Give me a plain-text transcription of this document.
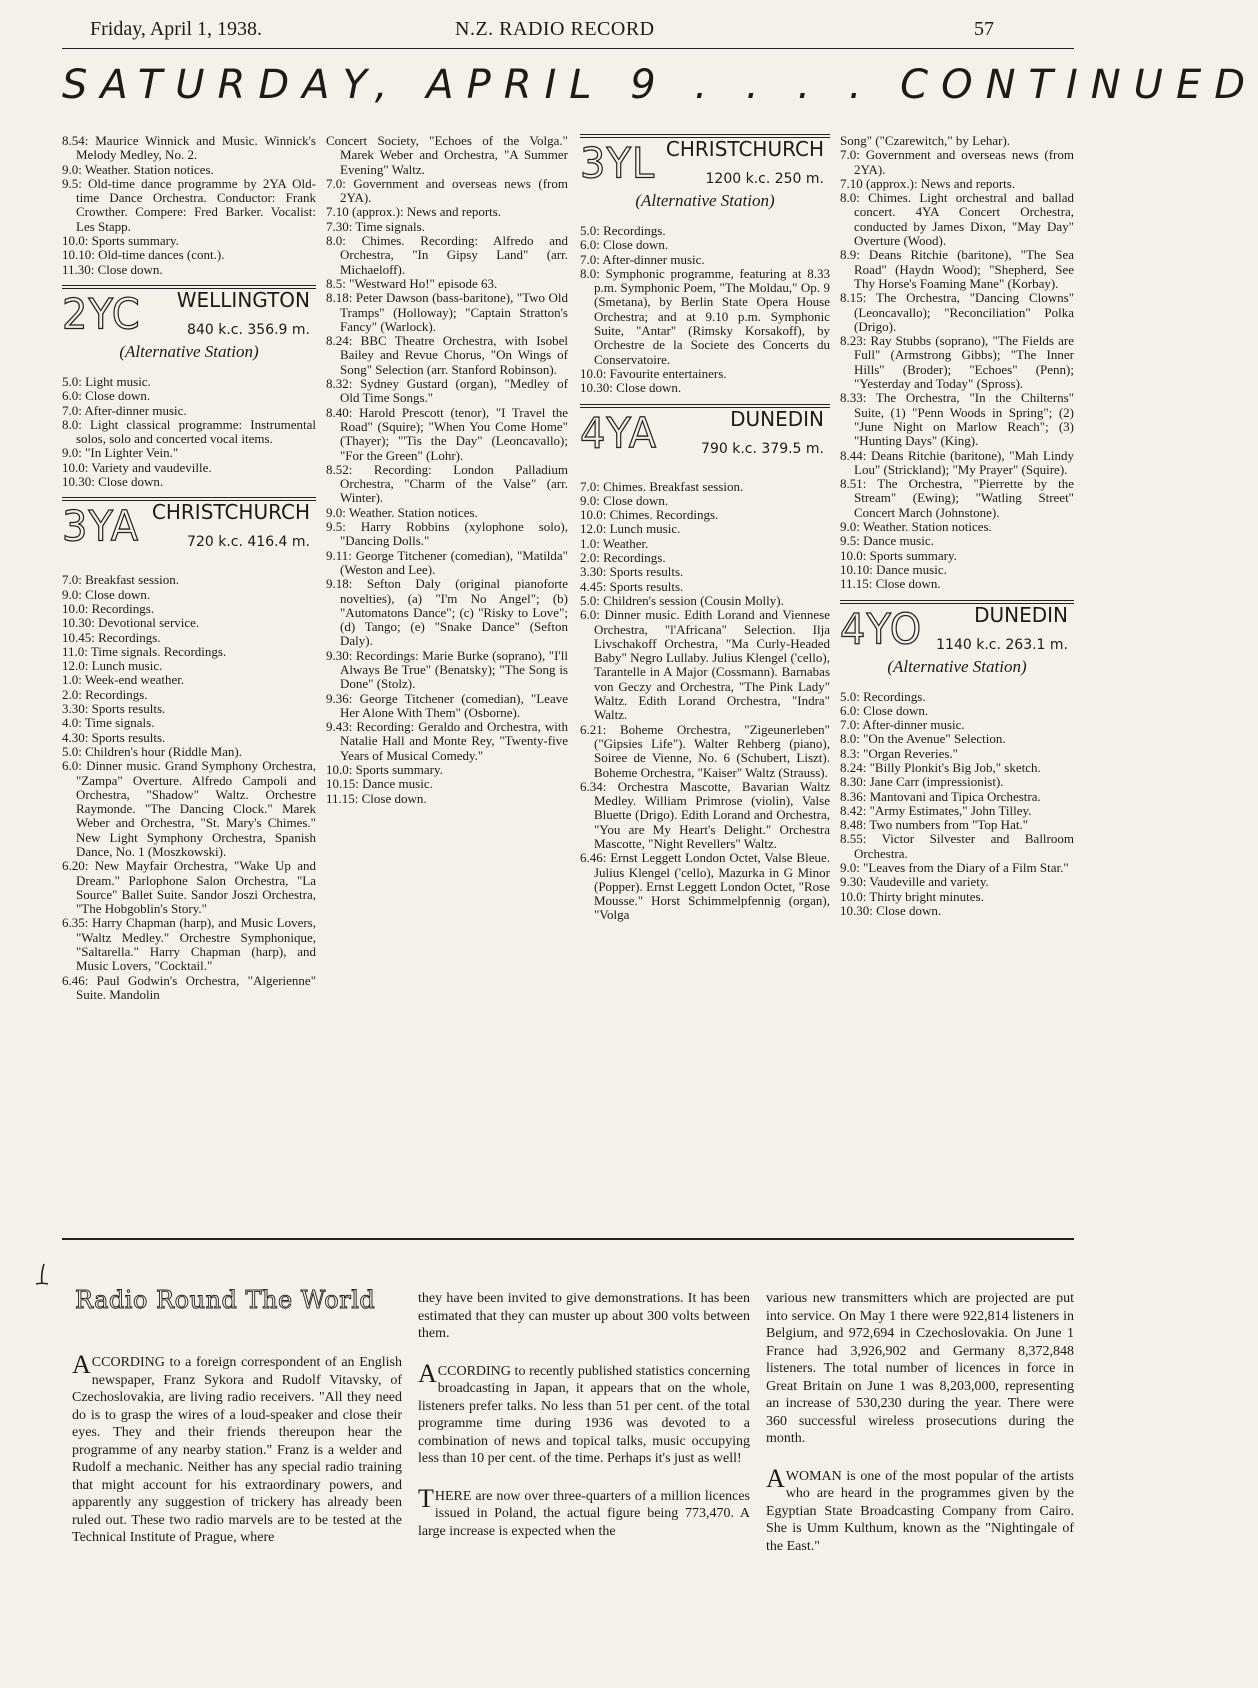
Friday, April 1, 1938.	N.Z. RADIO RECORD	57
SATURDAY, APRIL 9 . . . . CONTINUED

8.54: Maurice Winnick and Music. Winnick's Melody Medley, No. 2.

9.0: Weather. Station notices.

9.5: Old-time dance programme by 2YA Old-time Dance Orchestra. Conductor: Frank Crowther. Compere: Fred Barker. Vocalist: Les Stapp.

10.0: Sports summary.

10.10: Old-time dances (cont.).

11.30: Close down.

2YC WELLINGTON
840 k.c. 356.9 m.
(Alternative Station)

5.0: Light music.

6.0: Close down.

7.0: After-dinner music.

8.0: Light classical programme: Instrumental solos, solo and concerted vocal items.

9.0: "In Lighter Vein."

10.0: Variety and vaudeville.

10.30: Close down.

3YA CHRISTCHURCH
720 k.c. 416.4 m.

7.0: Breakfast session.

9.0: Close down.

10.0: Recordings.

10.30: Devotional service.

10.45: Recordings.

11.0: Time signals. Recordings.

12.0: Lunch music.

1.0: Week-end weather.

2.0: Recordings.

3.30: Sports results.

4.0: Time signals.

4.30: Sports results.

5.0: Children's hour (Riddle Man).

6.0: Dinner music. Grand Symphony Orchestra, "Zampa" Overture. Alfredo Campoli and Orchestra, "Shadow" Waltz. Orchestre Raymonde. "The Dancing Clock." Marek Weber and Orchestra, "St. Mary's Chimes." New Light Symphony Orchestra, Spanish Dance, No. 1 (Moszkowski).

6.20: New Mayfair Orchestra, "Wake Up and Dream." Parlophone Salon Orchestra, "La Source" Ballet Suite. Sandor Joszi Orchestra, "The Hobgoblin's Story."

6.35: Harry Chapman (harp), and Music Lovers, "Waltz Medley." Orchestre Symphonique, "Saltarella." Harry Chapman (harp), and Music Lovers, "Cocktail."

6.46: Paul Godwin's Orchestra, "Algerienne" Suite. Mandolin

Concert Society, "Echoes of the Volga." Marek Weber and Orchestra, "A Summer Evening" Waltz.

7.0: Government and overseas news (from 2YA).

7.10 (approx.): News and reports.

7.30: Time signals.

8.0: Chimes. Recording: Alfredo and Orchestra, "In Gipsy Land" (arr. Michaeloff).

8.5: "Westward Ho!" episode 63.

8.18: Peter Dawson (bass-baritone), "Two Old Tramps" (Holloway); "Captain Stratton's Fancy" (Warlock).

8.24: BBC Theatre Orchestra, with Isobel Bailey and Revue Chorus, "On Wings of Song" Selection (arr. Stanford Robinson).

8.32: Sydney Gustard (organ), "Medley of Old Time Songs."

8.40: Harold Prescott (tenor), "I Travel the Road" (Squire); "When You Come Home" (Thayer); "'Tis the Day" (Leoncavallo); "For the Green" (Lohr).

8.52: Recording: London Palladium Orchestra, "Charm of the Valse" (arr. Winter).

9.0: Weather. Station notices.

9.5: Harry Robbins (xylophone solo), "Dancing Dolls."

9.11: George Titchener (comedian), "Matilda" (Weston and Lee).

9.18: Sefton Daly (original pianoforte novelties), (a) "I'm No Angel"; (b) "Automatons Dance"; (c) "Risky to Love"; (d) Tango; (e) "Snake Dance" (Sefton Daly).

9.30: Recordings: Marie Burke (soprano), "I'll Always Be True" (Benatsky); "The Song is Done" (Stolz).

9.36: George Titchener (comedian), "Leave Her Alone With Them" (Osborne).

9.43: Recording: Geraldo and Orchestra, with Natalie Hall and Monte Rey, "Twenty-five Years of Musical Comedy."

10.0: Sports summary.

10.15: Dance music.

11.15: Close down.

3YL CHRISTCHURCH
1200 k.c. 250 m.
(Alternative Station)

5.0: Recordings.

6.0: Close down.

7.0: After-dinner music.

8.0: Symphonic programme, featuring at 8.33 p.m. Symphonic Poem, "The Moldau," Op. 9 (Smetana), by Berlin State Opera House Orchestra; and at 9.10 p.m. Symphonic Suite, "Antar" (Rimsky Korsakoff), by Orchestre de la Societe des Concerts du Conservatoire.

10.0: Favourite entertainers.

10.30: Close down.

4YA	DUNEDIN
790 k.c. 379.5 m.

7.0: Chimes. Breakfast session.

9.0: Close down.

10.0: Chimes. Recordings.

12.0: Lunch music.

1.0: Weather.

2.0: Recordings.

3.30: Sports results.

4.45: Sports results.

5.0: Children's session (Cousin Molly).

6.0: Dinner music. Edith Lorand and Viennese Orchestra, "l'Africana" Selection. Ilja Livschakoff Orchestra, "Ma Curly-Headed Baby" Negro Lullaby. Julius Klengel ('cello), Tarantelle in A Major (Cossmann). Barnabas von Geczy and Orchestra, "The Pink Lady" Waltz. Edith Lorand Orchestra, "Indra" Waltz.

6.21: Boheme Orchestra, "Zigeunerleben" ("Gipsies Life"). Walter Rehberg (piano), Soiree de Vienne, No. 6 (Schubert, Liszt). Boheme Orchestra, "Kaiser" Waltz (Strauss).

6.34: Orchestra Mascotte, Bavarian Waltz Medley. William Primrose (violin), Valse Bluette (Drigo). Edith Lorand and Orchestra, "You are My Heart's Delight." Orchestra Mascotte, "Night Revellers" Waltz.

6.46: Ernst Leggett London Octet, Valse Bleue. Julius Klengel ('cello), Mazurka in G Minor (Popper). Ernst Leggett London Octet, "Rose Mousse." Horst Schimmelpfennig (organ), "Volga

Song" ("Czarewitch," by Lehar).

7.0: Government and overseas news (from 2YA).

7.10 (approx.): News and reports.

8.0: Chimes. Light orchestral and ballad concert. 4YA Concert Orchestra, conducted by James Dixon, "May Day" Overture (Wood).

8.9: Deans Ritchie (baritone), "The Sea Road" (Haydn Wood); "Shepherd, See Thy Horse's Foaming Mane" (Korbay).

8.15: The Orchestra, "Dancing Clowns" (Leoncavallo); "Reconciliation" Polka (Drigo).

8.23: Ray Stubbs (soprano), "The Fields are Full" (Armstrong Gibbs); "The Inner Hills" (Broder); "Echoes" (Penn); "Yesterday and Today" (Spross).

8.33: The Orchestra, "In the Chilterns" Suite, (1) "Penn Woods in Spring"; (2) "June Night on Marlow Reach"; (3) "Hunting Days" (King).

8.44: Deans Ritchie (baritone), "Mah Lindy Lou" (Strickland); "My Prayer" (Squire).

8.51: The Orchestra, "Pierrette by the Stream" (Ewing); "Watling Street" Concert March (Johnstone).

9.0: Weather. Station notices.

9.5: Dance music.

10.0: Sports summary.

10.10: Dance music.

11.15: Close down.

4YO	DUNEDIN
1140 k.c. 263.1 m.
(Alternative Station)

5.0: Recordings.

6.0: Close down.

7.0: After-dinner music.

8.0: "On the Avenue" Selection.

8.3: "Organ Reveries."

8.24: "Billy Plonkit's Big Job," sketch.

8.30: Jane Carr (impressionist).

8.36: Mantovani and Tipica Orchestra.

8.42: "Army Estimates," John Tilley.

8.48: Two numbers from "Top Hat."

8.55: Victor Silvester and Ballroom Orchestra.

9.0: "Leaves from the Diary of a Film Star."

9.30: Vaudeville and variety.

10.0: Thirty bright minutes.

10.30: Close down.

Radio Round The World

ACCORDING to a foreign correspondent of an English newspaper, Franz Sykora and Rudolf Vitavsky, of Czechoslovakia, are living radio receivers. "All they need do is to grasp the wires of a loud-speaker and close their eyes. They and their friends thereupon hear the programme of any nearby station." Franz is a welder and Rudolf a mechanic. Neither has any special radio training that might account for his extraordinary powers, and apparently any suggestion of trickery has already been ruled out. These two radio marvels are to be tested at the Technical Institute of Prague, where

they have been invited to give demonstrations. It has been estimated that they can muster up about 300 volts between them.

ACCORDING to recently published statistics concerning broadcasting in Japan, it appears that on the whole, listeners prefer talks. No less than 51 per cent. of the total programme time during 1936 was devoted to a combination of news and topical talks, music occupying less than 10 per cent. of the time. Perhaps it's just as well!

THERE are now over three-quarters of a million licences issued in Poland, the actual figure being 773,470. A large increase is expected when the

various new transmitters which are projected are put into service. On May 1 there were 922,814 listeners in Belgium, and 972,694 in Czechoslovakia. On June 1 France had 3,926,902 and Germany 8,372,848 listeners. The total number of licences in force in Great Britain on June 1 was 8,203,000, representing an increase of 530,230 during the year. There were 360 successful wireless prosecutions during the month.

AWOMAN is one of the most popular of the artists who are heard in the programmes given by the Egyptian State Broadcasting Company from Cairo. She is Umm Kulthum, known as the "Nightingale of the East."
